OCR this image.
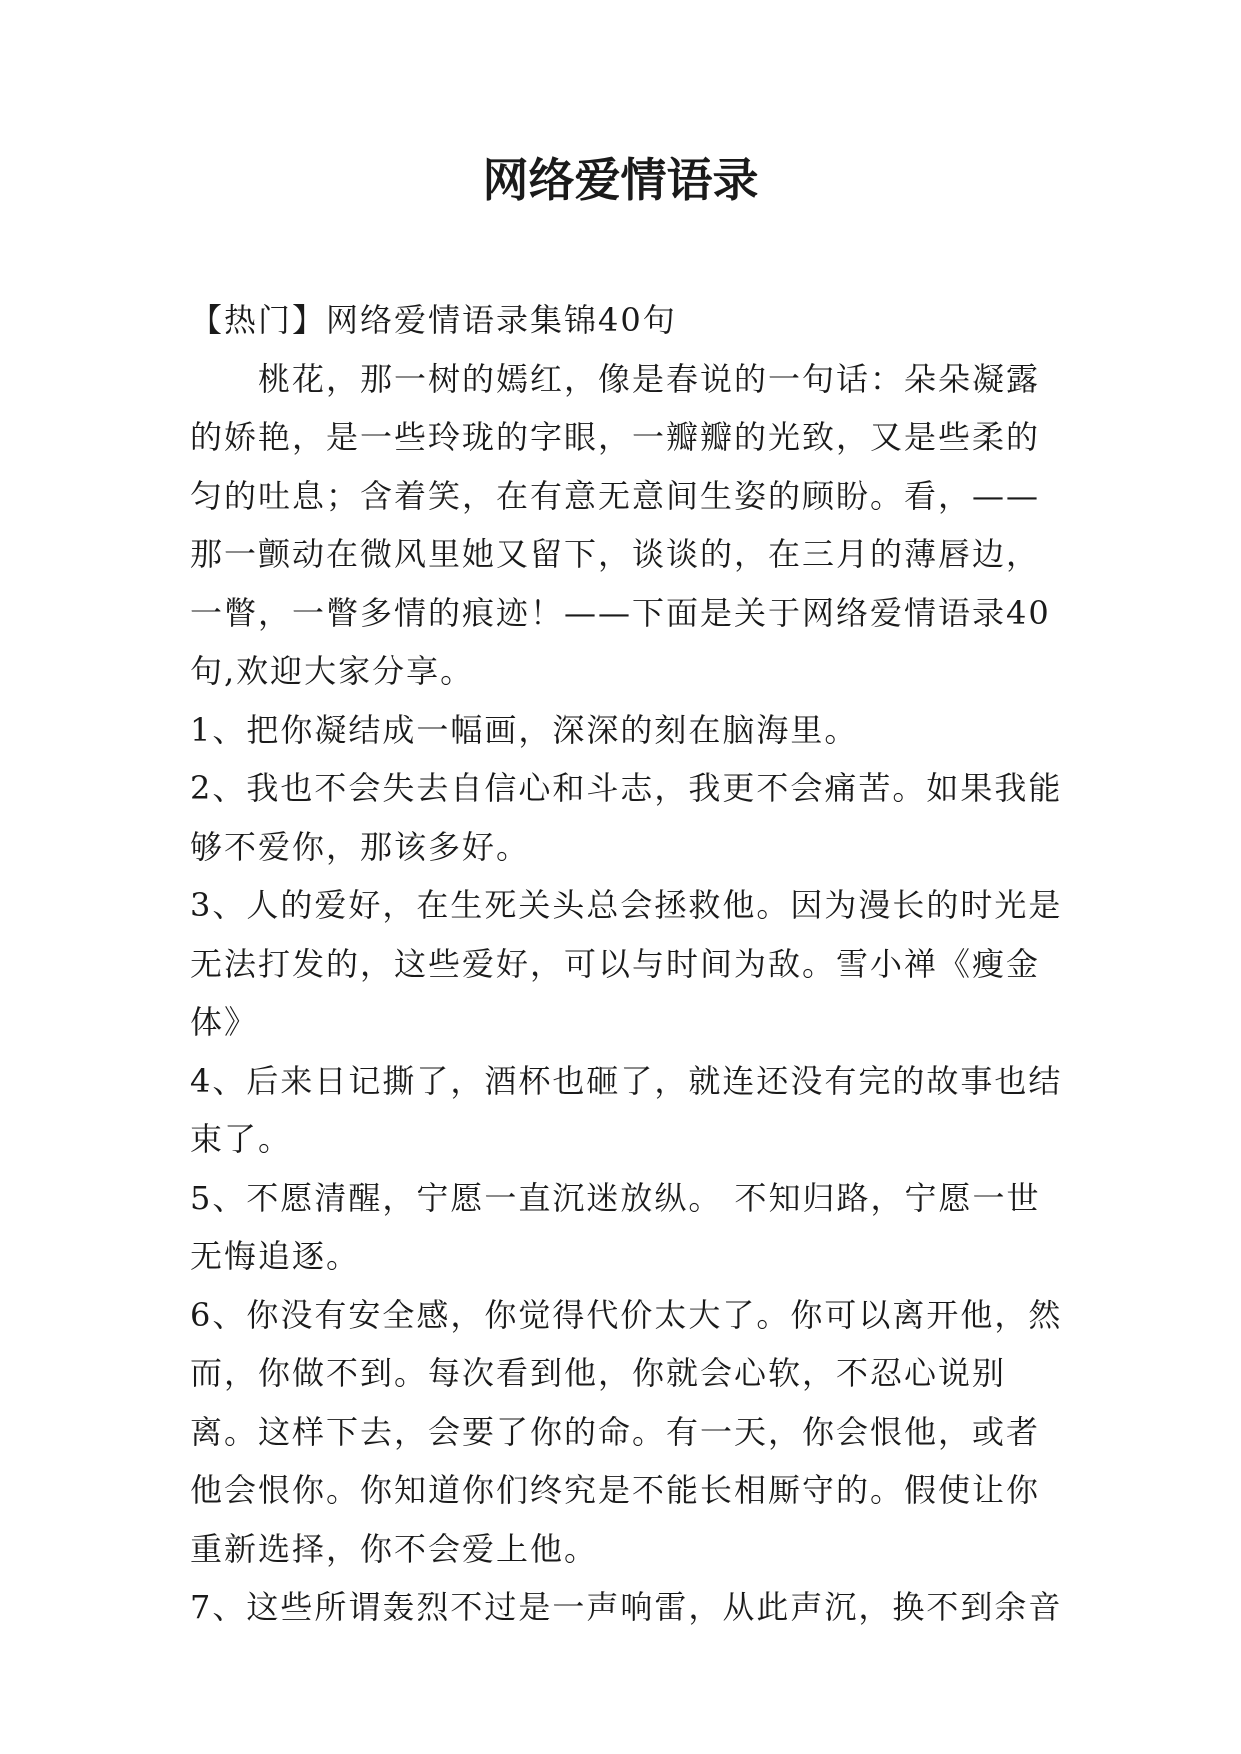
网络爱情语录

【热门】网络爱情语录集锦40句

桃花，那一树的嫣红，像是春说的一句话：朵朵凝露的娇艳，是一些玲珑的字眼，一瓣瓣的光致，又是些柔的匀的吐息；含着笑，在有意无意间生姿的顾盼。看，——那一颤动在微风里她又留下，谈谈的，在三月的薄唇边，一瞥，一瞥多情的痕迹！——下面是关于网络爱情语录40句,欢迎大家分享。

1、把你凝结成一幅画，深深的刻在脑海里。

2、我也不会失去自信心和斗志，我更不会痛苦。如果我能够不爱你，那该多好。

3、人的爱好，在生死关头总会拯救他。因为漫长的时光是无法打发的，这些爱好，可以与时间为敌。雪小禅《瘦金体》

4、后来日记撕了，酒杯也砸了，就连还没有完的故事也结束了。

5、不愿清醒，宁愿一直沉迷放纵。 不知归路，宁愿一世无悔追逐。

6、你没有安全感，你觉得代价太大了。你可以离开他，然而，你做不到。每次看到他，你就会心软，不忍心说别离。这样下去，会要了你的命。有一天，你会恨他，或者他会恨你。你知道你们终究是不能长相厮守的。假使让你重新选择，你不会爱上他。

7、这些所谓轰烈不过是一声响雷，从此声沉，换不到余音
